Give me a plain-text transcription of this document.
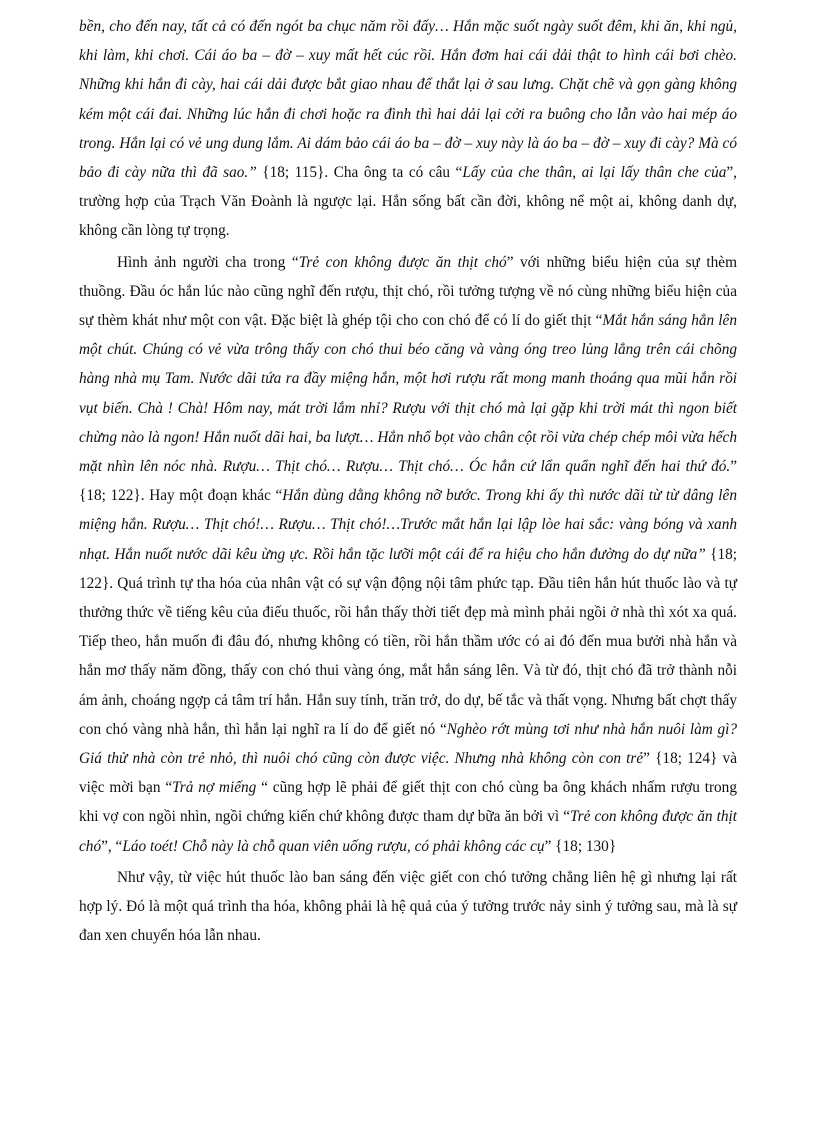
bền, cho đến nay, tất cả có đến ngót ba chục năm rồi đấy… Hắn mặc suốt ngày suốt đêm, khi ăn, khi ngủ, khi làm, khi chơi. Cái áo ba – đờ – xuy mất hết cúc rồi. Hắn đơm hai cái dải thật to hình cái bơi chèo. Những khi hắn đi cày, hai cái dải được bắt giao nhau để thắt lại ở sau lưng. Chặt chẽ và gọn gàng không kém một cái đai. Những lúc hắn đi chơi hoặc ra đình thì hai dải lại cởi ra buông cho lẫn vào hai mép áo trong. Hắn lại có vẻ ung dung lắm. Ai dám bảo cái áo ba – đờ – xuy này là áo ba – đờ – xuy đi cày? Mà có bảo đi cày nữa thì đã sao.” {18; 115}. Cha ông ta có câu “Lấy của che thân, ai lại lấy thân che của”, trường hợp của Trạch Văn Đoành là ngược lại. Hắn sống bất cần đời, không nể một ai, không danh dự, không cần lòng tự trọng.

Hình ảnh người cha trong “Trẻ con không được ăn thịt chó” với những biểu hiện của sự thèm thuồng. Đầu óc hắn lúc nào cũng nghĩ đến rượu, thịt chó, rồi tưởng tượng về nó cùng những biểu hiện của sự thèm khát như một con vật. Đặc biệt là ghép tội cho con chó để có lí do giết thịt “Mắt hắn sáng hẳn lên một chút. Chúng có vẻ vừa trông thấy con chó thui béo căng và vàng óng treo lủng lẳng trên cái chõng hàng nhà mụ Tam. Nước dãi tứa ra đầy miệng hắn, một hơi rượu rất mong manh thoáng qua mũi hắn rồi vụt biến. Chà ! Chà! Hôm nay, mát trời lắm nhỉ? Rượu với thịt chó mà lại gặp khi trời mát thì ngon biết chừng nào là ngon! Hắn nuốt dãi hai, ba lượt… Hắn nhổ bọt vào chân cột rồi vừa chép chép môi vừa hếch mặt nhìn lên nóc nhà. Rượu… Thịt chó… Rượu… Thịt chó… Óc hắn cứ lẩn quẩn nghĩ đến hai thứ đó.” {18; 122}. Hay một đoạn khác “Hắn dùng dằng không nỡ bước. Trong khi ấy thì nước dãi từ từ dâng lên miệng hắn. Rượu… Thịt chó!… Rượu… Thịt chó!…Trước mắt hắn lại lập lòe hai sắc: vàng bóng và xanh nhạt. Hắn nuốt nước dãi kêu ừng ực. Rồi hắn tặc lưỡi một cái để ra hiệu cho hắn đường do dự nữa” {18; 122}. Quá trình tự tha hóa của nhân vật có sự vận động nội tâm phức tạp. Đầu tiên hắn hút thuốc lào và tự thưởng thức về tiếng kêu của điếu thuốc, rồi hắn thấy thời tiết đẹp mà mình phải ngồi ở nhà thì xót xa quá. Tiếp theo, hắn muốn đi đâu đó, nhưng không có tiền, rồi hắn thầm ước có ai đó đến mua bưởi nhà hắn và hắn mơ thấy năm đồng, thấy con chó thui vàng óng, mắt hắn sáng lên. Và từ đó, thịt chó đã trở thành nỗi ám ảnh, choáng ngợp cả tâm trí hắn. Hắn suy tính, trăn trở, do dự, bế tắc và thất vọng. Nhưng bất chợt thấy con chó vàng nhà hắn, thì hắn lại nghĩ ra lí do để giết nó “Nghèo rớt mùng tơi như nhà hắn nuôi làm gì? Giá thử nhà còn trẻ nhỏ, thì nuôi chó cũng còn được việc. Nhưng nhà không còn con trẻ” {18; 124} và việc mời bạn “Trả nợ miếng “ cũng hợp lẽ phải để giết thịt con chó cùng ba ông khách nhấm rượu trong khi vợ con ngồi nhìn, ngồi chứng kiến chứ không được tham dự bữa ăn bởi vì “Trẻ con không được ăn thịt chó”, “Láo toét! Chỗ này là chỗ quan viên uống rượu, có phải không các cụ” {18; 130}

Như vậy, từ việc hút thuốc lào ban sáng đến việc giết con chó tưởng chẳng liên hệ gì nhưng lại rất hợp lý. Đó là một quá trình tha hóa, không phải là hệ quả của ý tưởng trước nảy sinh ý tưởng sau, mà là sự đan xen chuyển hóa lẫn nhau.
